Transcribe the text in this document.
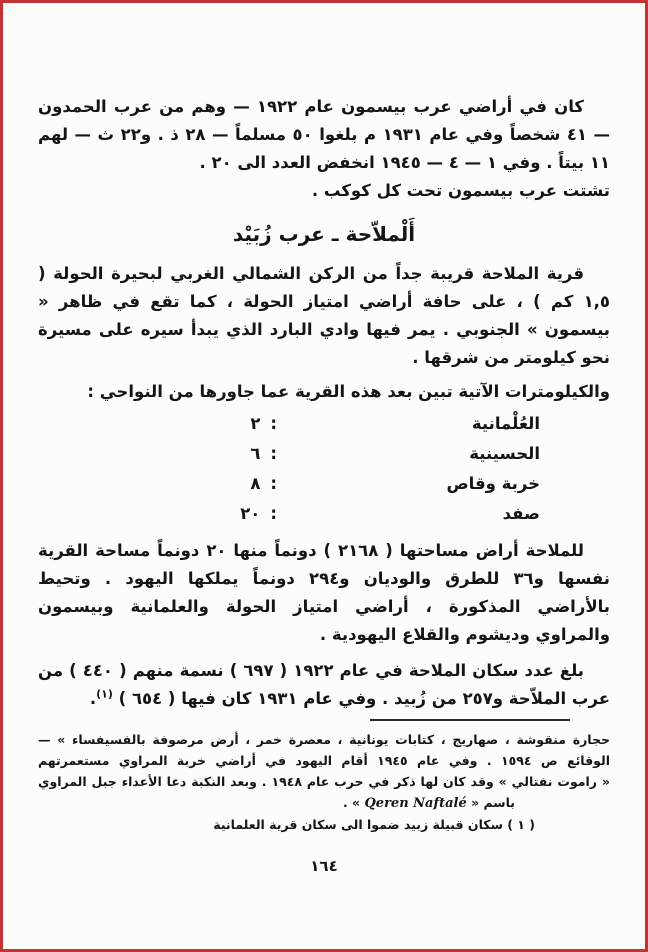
كان في أراضي عرب بيسمون عام ١٩٢٢ — وهم من عرب الحمدون — ٤١ شخصاً وفي عام ١٩٣١ م بلغوا ٥٠ مسلماً — ٢٨ ذ . و٢٢ ث — لهم ١١ بيتاً . وفي ١ — ٤ — ١٩٤٥ انخفض العدد الى ٢٠ .

تشتت عرب بيسمون تحت كل كوكب .

أَلْملاّحة ـ عرب زُبَيْد

قرية الملاحة قريبة جداً من الركن الشمالي الغربي لبحيرة الحولة ( ١,٥ كم ) ، على حافة أراضي امتياز الحولة ، كما تقع في ظاهر « بيسمون » الجنوبي . يمر فيها وادي البارد الذي يبدأ سيره على مسيرة نحو كيلومتر من شرقها .

والكيلومترات الآتية تبين بعد هذه القرية عما جاورها من النواحي :

العُلْمانية
:٢
الحسينية
:٦
خربة وقاص
:٨
صفد
:٢٠

للملاحة أراض مساحتها ( ٢١٦٨ ) دونماً منها ٢٠ دونماً مساحة القرية نفسها و٣٦ للطرق والوديان و٢٩٤ دونماً يملكها اليهود . وتحيط بالأراضي المذكورة ، أراضي امتياز الحولة والعلمانية وبيسمون والمراوي وديشوم والقلاع اليهودية .

بلغ عدد سكان الملاحة في عام ١٩٢٢ ( ٦٩٧ ) نسمة منهم ( ٤٤٠ ) من عرب الملاّحة و٢٥٧ من زُبيد . وفي عام ١٩٣١ كان فيها ( ٦٥٤ ) $^{(١)}$.

حجارة منقوشة ، صهاريج ، كتابات يونانية ، معصرة خمر ، أرض مرصوفة بالفسيفساء » —
الوقائع ص ١٥٩٤ . وفي عام ١٩٤٥ أقام اليهود في أراضي خربة المراوي مستعمرتهم
« راموت نفتالي » وقد كان لها ذكر في حرب عام ١٩٤٨ . وبعد النكبة دعا الأعداء جبل المراوي
باسم « Qeren Naftalé » .
( ١ ) سكان قبيلة زبيد ضموا الى سكان قرية العلمانية
١٦٤
